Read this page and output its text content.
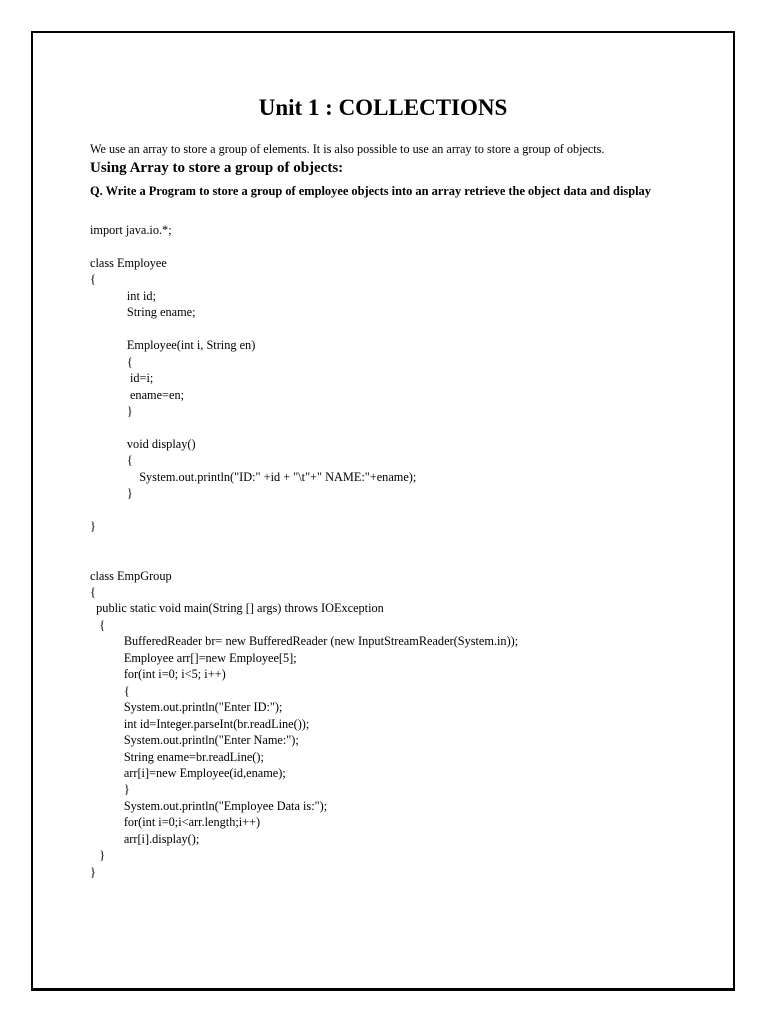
Unit 1 : COLLECTIONS
We use an array to store a group of elements. It is also possible to use an array to store a group of objects.
Using Array to store a group of objects:
Q. Write a Program to store a group of employee objects into an array retrieve the object data and display
import java.io.*;

class Employee
{
int id;
String ename;

Employee(int i, String en)
{
id=i;
ename=en;
}

void display()
{
System.out.println("ID:" +id + "\t"+" NAME:"+ename);
}

}

class EmpGroup
{
public static void main(String [] args) throws IOException
{
BufferedReader br= new BufferedReader (new InputStreamReader(System.in));
Employee arr[]=new Employee[5];
for(int i=0; i<5; i++)
{
System.out.println("Enter ID:");
int id=Integer.parseInt(br.readLine());
System.out.println("Enter Name:");
String ename=br.readLine();
arr[i]=new Employee(id,ename);
}
System.out.println("Employee Data is:");
for(int i=0;i<arr.length;i++)
arr[i].display();
}
}
